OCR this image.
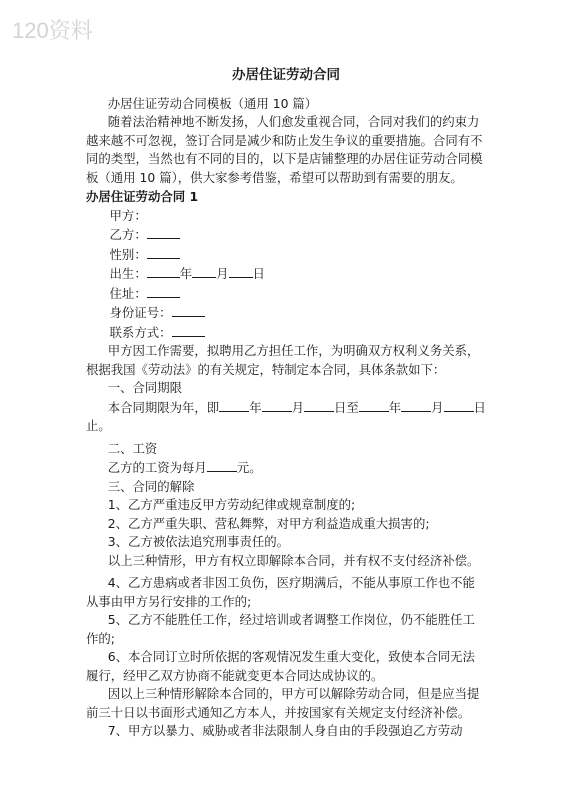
120资料

办居住证劳动合同

办居住证劳动合同模板（通用 10 篇）

随着法治精神地不断发扬，人们愈发重视合同，合同对我们的约束力越来越不可忽视，签订合同是减少和防止发生争议的重要措施。合同有不同的类型，当然也有不同的目的，以下是店铺整理的办居住证劳动合同模板（通用 10 篇），供大家参考借鉴，希望可以帮助到有需要的朋友。

办居住证劳动合同 1

甲方：

乙方：

性别：

出生：	年 月 日

住址：

身份证号：

联系方式：

甲方因工作需要，拟聘用乙方担任工作，为明确双方权利义务关系，根据我国《劳动法》的有关规定，特制定本合同，具体条款如下：

一、合同期限

本合同期限为年，即 年 月 日至 年 月 日止。

二、工资

乙方的工资为每月 元。

三、合同的解除

1、乙方严重违反甲方劳动纪律或规章制度的;

2、乙方严重失职、营私舞弊，对甲方利益造成重大损害的;

3、乙方被依法追究刑事责任的。

以上三种情形，甲方有权立即解除本合同，并有权不支付经济补偿。

4、乙方患病或者非因工负伤，医疗期满后，不能从事原工作也不能从事由甲方另行安排的工作的;

5、乙方不能胜任工作，经过培训或者调整工作岗位，仍不能胜任工作的;

6、本合同订立时所依据的客观情况发生重大变化，致使本合同无法履行，经甲乙双方协商不能就变更本合同达成协议的。

因以上三种情形解除本合同的，甲方可以解除劳动合同，但是应当提前三十日以书面形式通知乙方本人，并按国家有关规定支付经济补偿。

7、甲方以暴力、威胁或者非法限制人身自由的手段强迫乙方劳动
